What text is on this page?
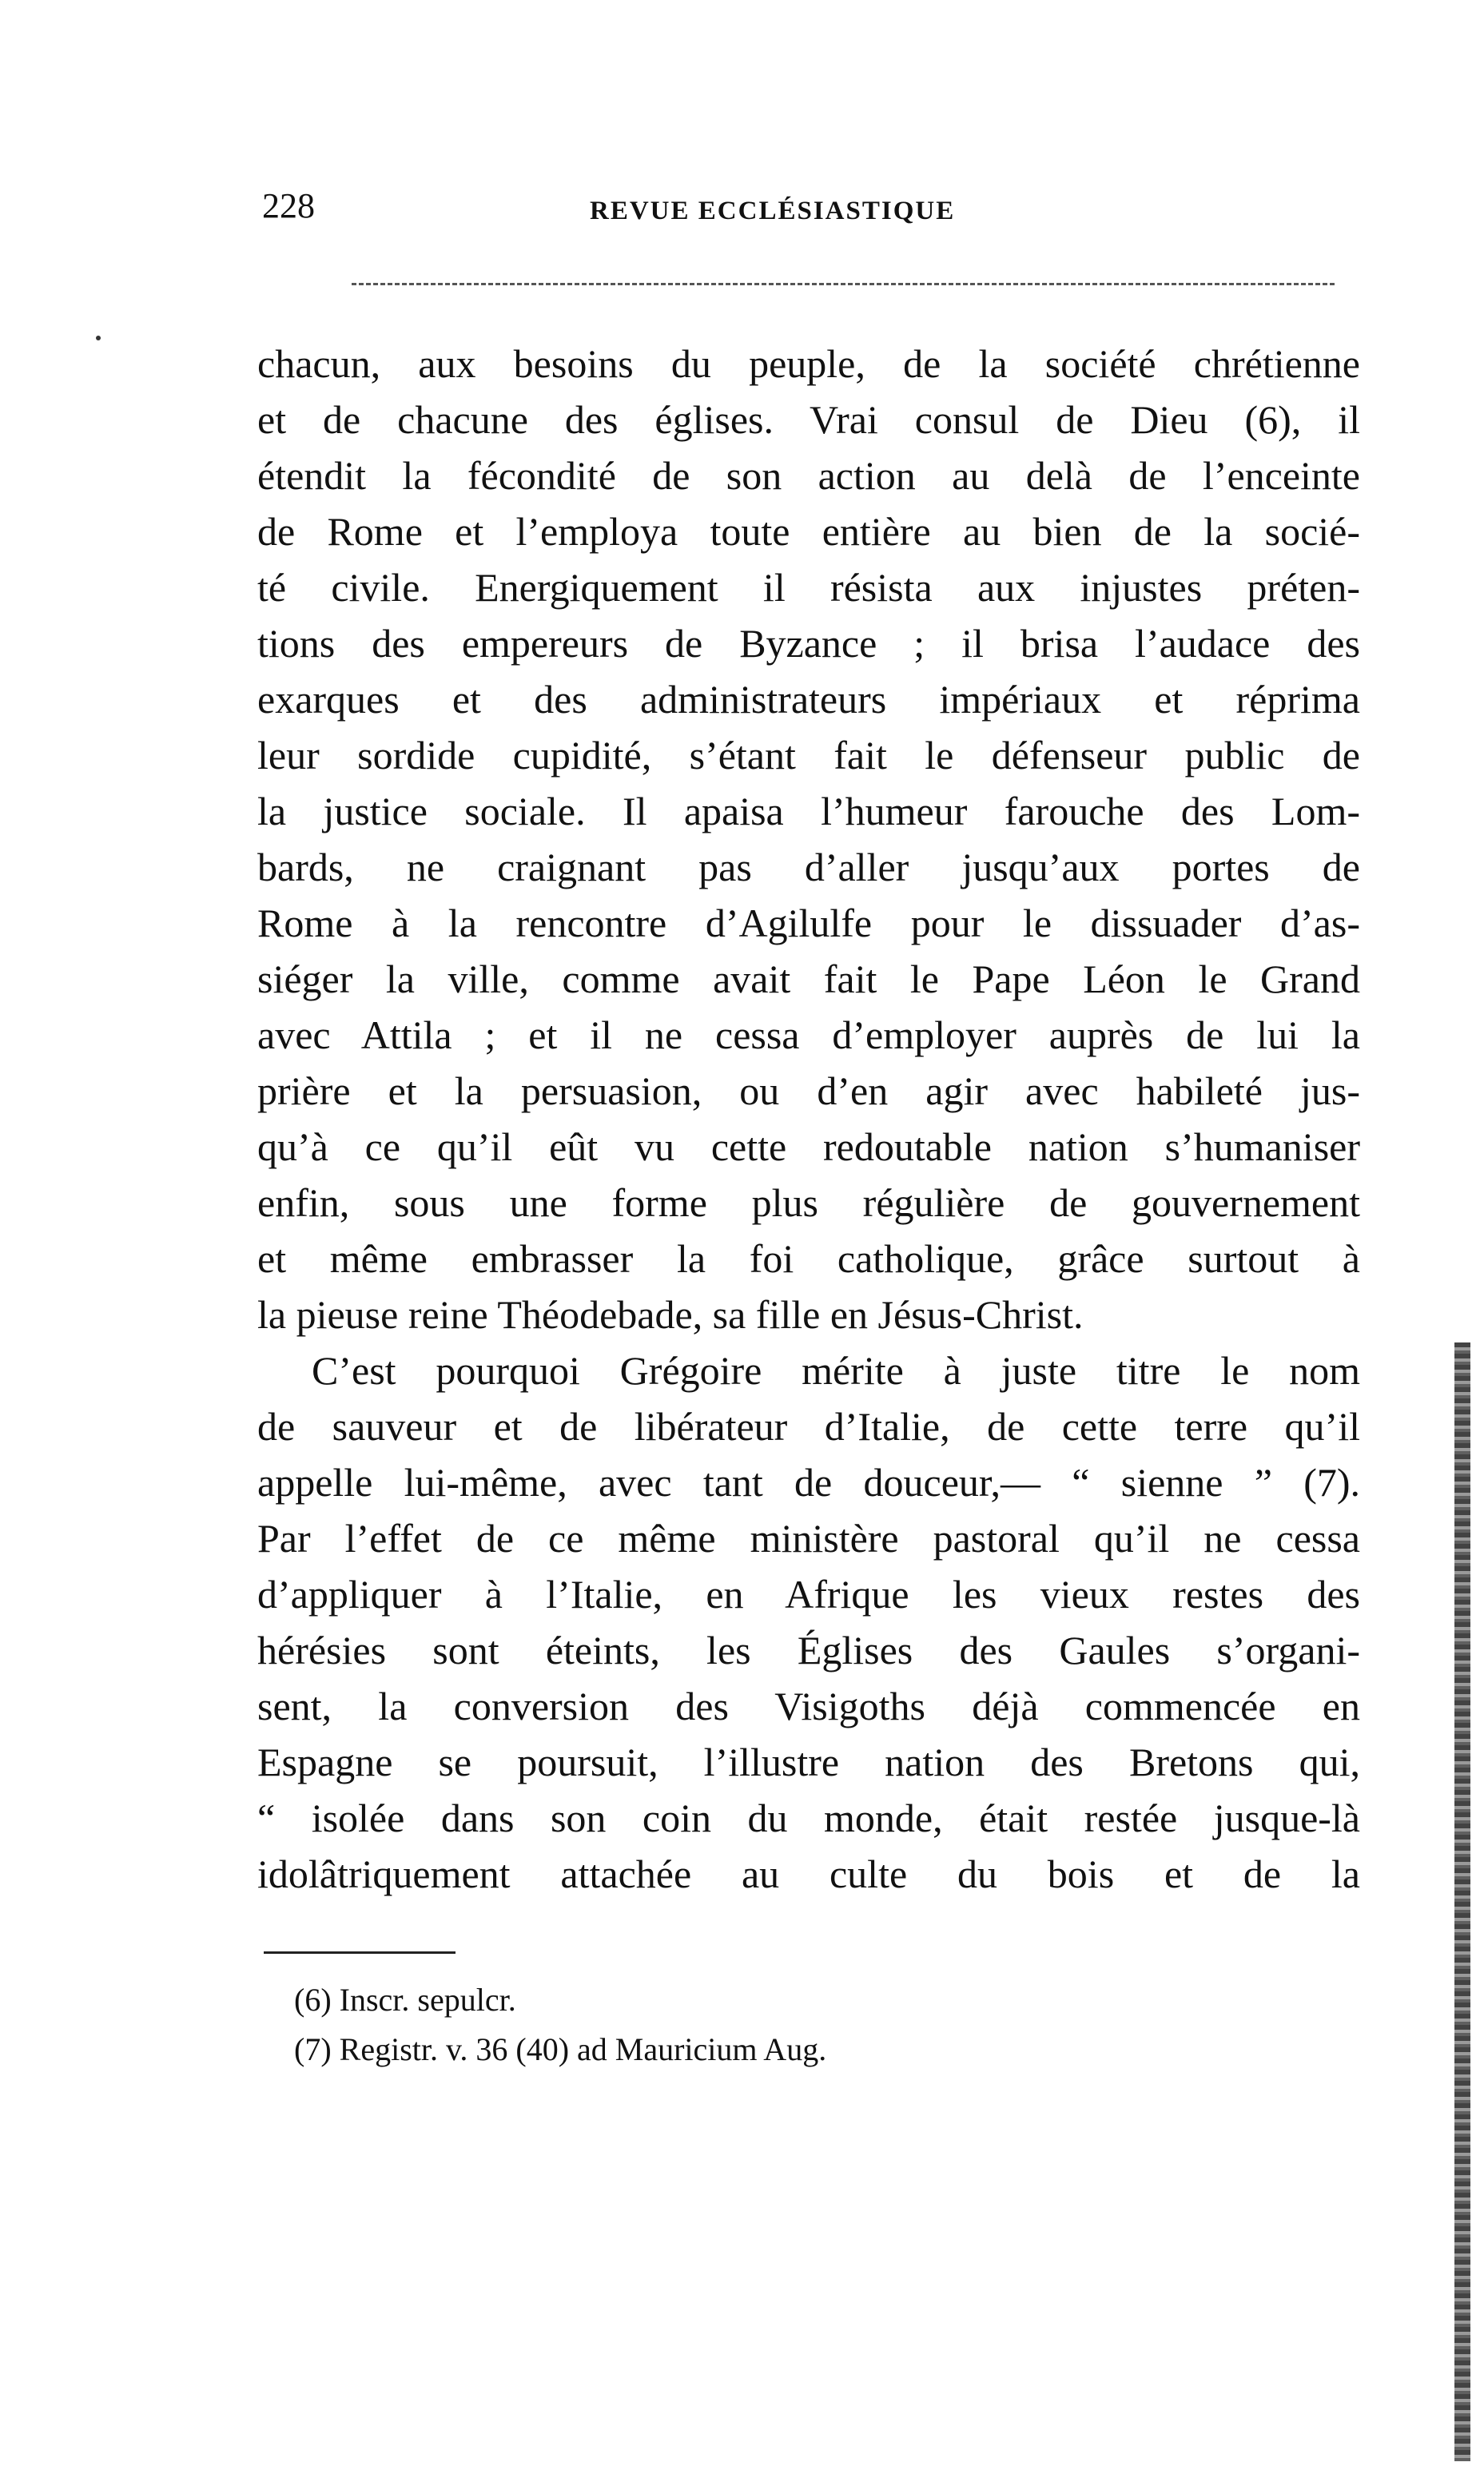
228	REVUE ECCLÉSIASTIQUE
chacun, aux besoins du peuple, de la société chrétienne
et de chacune des églises. Vrai consul de Dieu (6), il
étendit la fécondité de son action au delà de l’enceinte
de Rome et l’employa toute entière au bien de la socié-
té civile. Energiquement il résista aux injustes préten-
tions des empereurs de Byzance ; il brisa l’audace des
exarques et des administrateurs impériaux et réprima
leur sordide cupidité, s’étant fait le défenseur public de
la justice sociale. Il apaisa l’humeur farouche des Lom-
bards, ne craignant pas d’aller jusqu’aux portes de
Rome à la rencontre d’Agilulfe pour le dissuader d’as-
siéger la ville, comme avait fait le Pape Léon le Grand
avec Attila ; et il ne cessa d’employer auprès de lui la
prière et la persuasion, ou d’en agir avec habileté jus-
qu’à ce qu’il eût vu cette redoutable nation s’humaniser
enfin, sous une forme plus régulière de gouvernement
et même embrasser la foi catholique, grâce surtout à
la pieuse reine Théodebade, sa fille en Jésus-Christ.
C’est pourquoi Grégoire mérite à juste titre le nom
de sauveur et de libérateur d’Italie, de cette terre qu’il
appelle lui-même, avec tant de douceur,— “ sienne ” (7).
Par l’effet de ce même ministère pastoral qu’il ne cessa
d’appliquer à l’Italie, en Afrique les vieux restes des
hérésies sont éteints, les Églises des Gaules s’organi-
sent, la conversion des Visigoths déjà commencée en
Espagne se poursuit, l’illustre nation des Bretons qui,
“ isolée dans son coin du monde, était restée jusque-là
idolâtriquement attachée au culte du bois et de la
(6) Inscr. sepulcr.
(7) Registr. v. 36 (40) ad Mauricium Aug.
